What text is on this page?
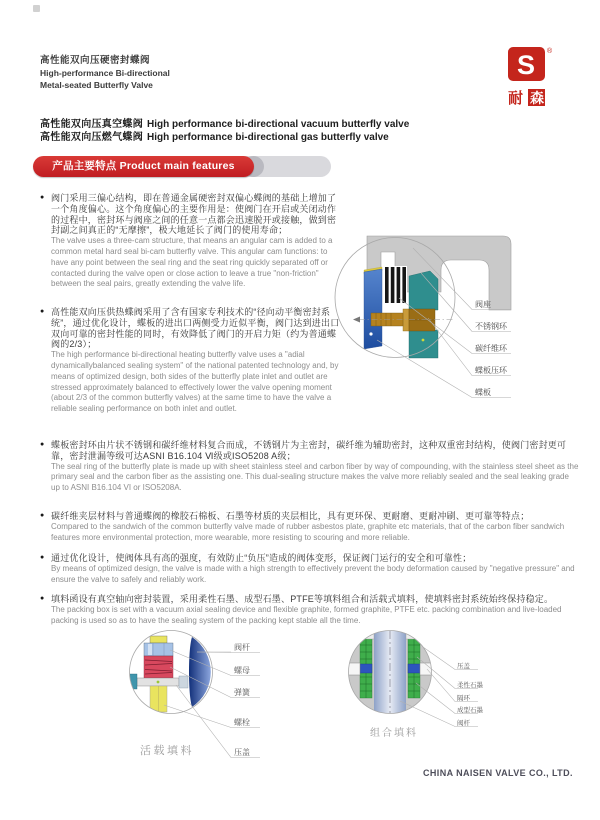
高性能双向压硬密封蝶阀
High-performance Bi-directional
Metal-seated Butterfly Valve
S ®
耐 森
高性能双向压真空蝶阀 High performance bi-directional vacuum butterfly valve
高性能双向压燃气蝶阀 High performance bi-directional gas butterfly valve
产品主要特点 Product main features
● 阀门采用三偏心结构，即在普通金属硬密封双偏心蝶阀的基础上增加了一个角度偏心。这个角度偏心的主要作用是：使阀门在开启或关闭动作的过程中，密封环与阀座之间的任意一点都会迅速脱开或接触，做到密封副之间真正的“无摩擦”，极大地延长了阀门的使用寿命；
The valve uses a three-cam structure, that means an angular cam is added to a common metal hard seal bi-cam butterfly valve. This angular cam functions: to have any point between the seal ring and the seat ring quickly separated off or contacted during the valve open or close action to leave a true "non-friction" between the seal pairs, greatly extending the valve life.
● 高性能双向压供热蝶阀采用了含有国家专利技术的“径向动平衡密封系统”，通过优化设计，蝶板的进出口两侧受力近似平衡，阀门达到进出口双向可靠的密封性能的同时，有效降低了阀门的开启力矩（约为普通蝶阀的2/3）；
The high performance bi-directional heating butterfly valve uses a "adial dynamicallybalanced sealing system" of the national patented technology and, by means of optimized design, both sides of the butterfly plate inlet and outlet are stressed approximately balanced to effectively lower the valve opening moment (about 2/3 of the common butterfly valves) at the same time to have the valve a reliable sealing performance on both inlet and outlet.
● 蝶板密封环由片状不锈钢和碳纤维材料复合而成，不锈钢片为主密封，碳纤维为辅助密封，这种双重密封结构，使阀门密封更可靠，密封泄漏等级可达ASNI B16.104 Ⅵ级或ISO5208 A级；
The seal ring of the butterfly plate is made up with sheet stainless steel and carbon fiber by way of compounding, with the stainless steel sheet as the primary seal and the carbon fiber as the assisting one. This dual-sealing structure makes the valve more reliably sealed and the seal leaking grade up to ASNI B16.104 VI or ISO5208A.
● 碳纤维夹层材料与普通蝶阀的橡胶石棉板、石墨等材质的夹层相比，具有更环保、更耐磨、更耐冲刷、更可靠等特点；
Compared to the sandwich of the common butterfly valve made of rubber asbestos plate, graphite etc materials, that of the carbon fiber sandwich features more environmental protection, more wearable, more resisting to scouring and more reliable.
● 通过优化设计，使阀体具有高的强度，有效防止“负压”造成的阀体变形，保证阀门运行的安全和可靠性；
By means of optimized design, the valve is made with a high strength to effectively prevent the body deformation caused by "negative pressure" and ensure the valve to safely and reliably work.
● 填料函设有真空轴向密封装置，采用柔性石墨、成型石墨、PTFE等填料组合和活载式填料，使填料密封系统始终保持稳定。
The packing box is set with a vacuum axial sealing device and flexible graphite, formed graphite, PTFE etc. packing combination and live-loaded packing is used so as to have the sealing system of the packing kept stable all the time.
阀座
不锈钢环
碳纤维环
蝶板压环
蝶板
阀杆
螺母
弹簧
螺栓
压盖
活载填料
压盖
柔性石墨
隔环
成型石墨
阀杆
组合填料
CHINA NAISEN VALVE CO., LTD.
